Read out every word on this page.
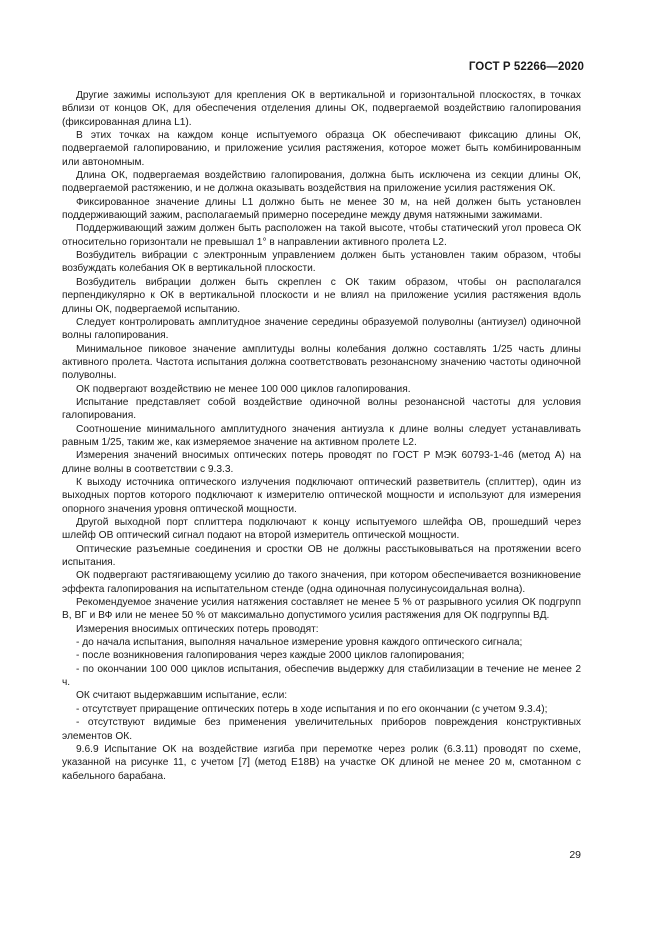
ГОСТ Р 52266—2020

Другие зажимы используют для крепления ОК в вертикальной и горизонтальной плоскостях, в точках вблизи от концов ОК, для обеспечения отделения длины ОК, подвергаемой воздействию галопирования (фиксированная длина L1).

В этих точках на каждом конце испытуемого образца ОК обеспечивают фиксацию длины ОК, подвергаемой галопированию, и приложение усилия растяжения, которое может быть комбинированным или автономным.

Длина ОК, подвергаемая воздействию галопирования, должна быть исключена из секции длины ОК, подвергаемой растяжению, и не должна оказывать воздействия на приложение усилия растяжения ОК.

Фиксированное значение длины L1 должно быть не менее 30 м, на ней должен быть установлен поддерживающий зажим, располагаемый примерно посередине между двумя натяжными зажимами.

Поддерживающий зажим должен быть расположен на такой высоте, чтобы статический угол провеса ОК относительно горизонтали не превышал 1° в направлении активного пролета L2.

Возбудитель вибрации с электронным управлением должен быть установлен таким образом, чтобы возбуждать колебания ОК в вертикальной плоскости.

Возбудитель вибрации должен быть скреплен с ОК таким образом, чтобы он располагался перпендикулярно к ОК в вертикальной плоскости и не влиял на приложение усилия растяжения вдоль длины ОК, подвергаемой испытанию.

Следует контролировать амплитудное значение середины образуемой полуволны (антиузел) одиночной волны галопирования.

Минимальное пиковое значение амплитуды волны колебания должно составлять 1/25 часть длины активного пролета. Частота испытания должна соответствовать резонансному значению частоты одиночной полуволны.

ОК подвергают воздействию не менее 100 000 циклов галопирования.

Испытание представляет собой воздействие одиночной волны резонансной частоты для условия галопирования.

Соотношение минимального амплитудного значения антиузла к длине волны следует устанавливать равным 1/25, таким же, как измеряемое значение на активном пролете L2.

Измерения значений вносимых оптических потерь проводят по ГОСТ Р МЭК 60793-1-46 (метод А) на длине волны в соответствии с 9.3.3.

К выходу источника оптического излучения подключают оптический разветвитель (сплиттер), один из выходных портов которого подключают к измерителю оптической мощности и используют для измерения опорного значения уровня оптической мощности.

Другой выходной порт сплиттера подключают к концу испытуемого шлейфа ОВ, прошедший через шлейф ОВ оптический сигнал подают на второй измеритель оптической мощности.

Оптические разъемные соединения и сростки ОВ не должны расстыковываться на протяжении всего испытания.

ОК подвергают растягивающему усилию до такого значения, при котором обеспечивается возникновение эффекта галопирования на испытательном стенде (одна одиночная полусинусоидальная волна).

Рекомендуемое значение усилия натяжения составляет не менее 5 % от разрывного усилия ОК подгрупп В, ВГ и ВФ или не менее 50 % от максимально допустимого усилия растяжения для ОК подгруппы ВД.

Измерения вносимых оптических потерь проводят:

- до начала испытания, выполняя начальное измерение уровня каждого оптического сигнала;

- после возникновения галопирования через каждые 2000 циклов галопирования;

- по окончании 100 000 циклов испытания, обеспечив выдержку для стабилизации в течение не менее 2 ч.

ОК считают выдержавшим испытание, если:

- отсутствует приращение оптических потерь в ходе испытания и по его окончании (с учетом 9.3.4);

- отсутствуют видимые без применения увеличительных приборов повреждения конструктивных элементов ОК.

9.6.9 Испытание ОК на воздействие изгиба при перемотке через ролик (6.3.11) проводят по схеме, указанной на рисунке 11, с учетом [7] (метод E18B) на участке ОК длиной не менее 20 м, смотанном с кабельного барабана.

29
